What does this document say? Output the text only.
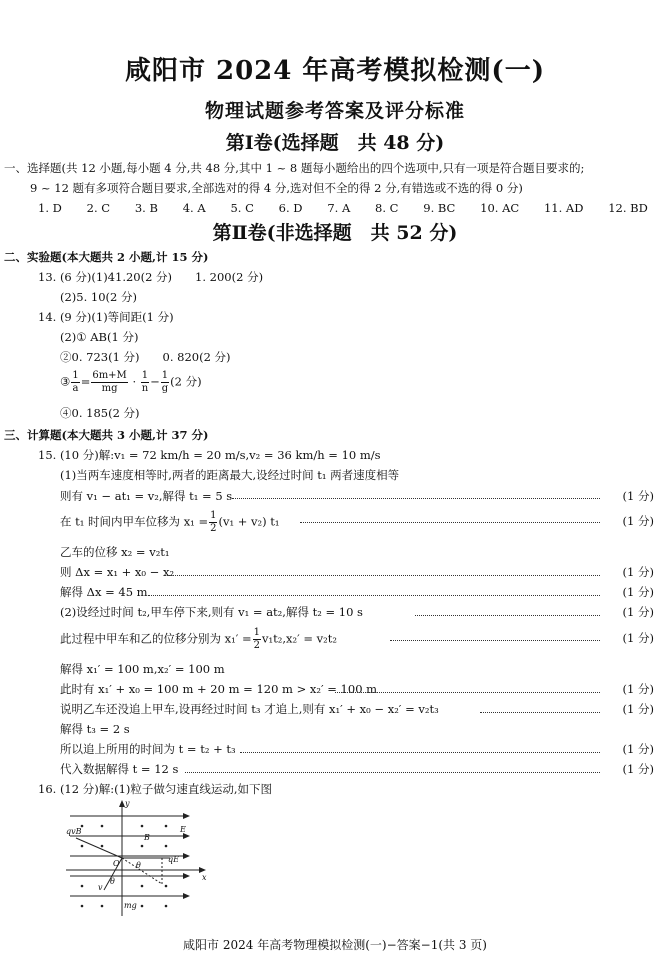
咸阳市 2024 年高考模拟检测(一)
物理试题参考答案及评分标准
第Ⅰ卷(选择题　共 48 分)
一、选择题(共 12 小题,每小题 4 分,共 48 分,其中 1 ~ 8 题每小题给出的四个选项中,只有一项是符合题目要求的;
9 ~ 12 题有多项符合题目要求,全部选对的得 4 分,选对但不全的得 2 分,有错选或不选的得 0 分)
1. D 2. C 3. B 4. A 5. C 6. D 7. A 8. C 9. BC 10. AC 11. AD 12. BD
第Ⅱ卷(非选择题　共 52 分)
二、实验题(本大题共 2 小题,计 15 分)
13. (6 分)(1)41.20(2 分)　　1. 200(2 分)
(2)5. 10(2 分)
14. (9 分)(1)等间距(1 分)
(2)① AB(1 分)
②0. 723(1 分)　　0. 820(2 分)
③ $\frac{1}{a} = \frac{6m+M}{mg} \cdot \frac{1}{n} - \frac{1}{g} (2$ 分)
④0. 185(2 分)
三、计算题(本大题共 3 小题,计 37 分)
15. (10 分)解:v₁ = 72 km/h = 20 m/s,v₂ = 36 km/h = 10 m/s
(1)当两车速度相等时,两者的距离最大,设经过时间 t₁ 两者速度相等
则有 v₁ − at₁ = v₂,解得 t₁ = 5 s	(1 分)
在 t₁ 时间内甲车位移为 $x_1 = \frac{1}{2} (v_1 + v_2)$ t₁	(1 分)
乙车的位移 x₂ = v₂t₁
则 Δx = x₁ + x₀ − x₂	(1 分)
解得 Δx = 45 m	(1 分)
(2)设经过时间 t₂,甲车停下来,则有 v₁ = at₂,解得 t₂ = 10 s	(1 分)
此过程中甲车和乙的位移分别为 $x_1' = \frac{1}{2} v_1t_2,x_2' = v_2t_2$	(1 分)
解得 x₁′ = 100 m,x₂′ = 100 m
此时有 x₁′ + x₀ = 100 m + 20 m = 120 m > x₂′ = 100 m	(1 分)
说明乙车还没追上甲车,设再经过时间 t₃ 才追上,则有 x₁′ + x₀ − x₂′ = v₂t₃	(1 分)
解得 t₃ = 2 s
所以追上所用的时间为 t = t₂ + t₃	(1 分)
代入数据解得 t = 12 s	(1 分)
16. (12 分)解:(1)粒子做匀速直线运动,如下图
y
x
O
B
E
qvB
qE
v
mg
θ
θ
咸阳市 2024 年高考物理模拟检测(一)−答案−1(共 3 页)
